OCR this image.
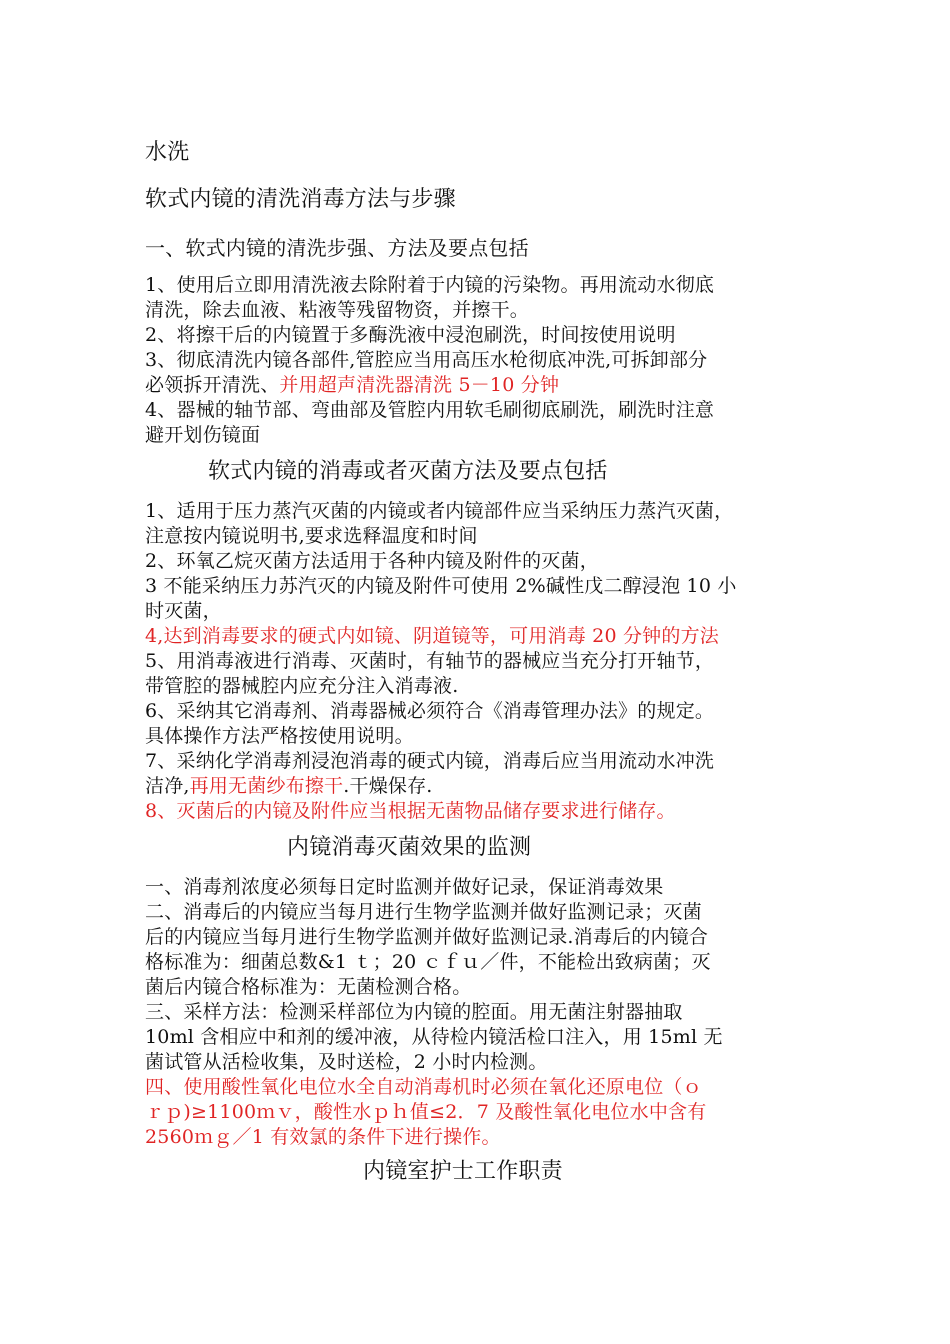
水洗
软式内镜的清洗消毒方法与步骤
一、软式内镜的清洗步强、方法及要点包括
1、使用后立即用清洗液去除附着于内镜的污染物。再用流动水彻底
清洗，除去血液、粘液等残留物资，并擦干。
2、将擦干后的内镜置于多酶洗液中浸泡刷洗，时间按使用说明
3、彻底清洗内镜各部件,管腔应当用高压水枪彻底冲洗,可拆卸部分
必领拆开清洗、并用超声清洗器清洗 5－10 分钟
4、器械的轴节部、弯曲部及管腔内用软毛刷彻底刷洗，刷洗时注意
避开划伤镜面
软式内镜的消毒或者灭菌方法及要点包括
1、适用于压力蒸汽灭菌的内镜或者内镜部件应当采纳压力蒸汽灭菌，
注意按内镜说明书,要求选释温度和时间
2、环氧乙烷灭菌方法适用于各种内镜及附件的灭菌，
3 不能采纳压力苏汽灭的内镜及附件可使用 2%碱性戊二醇浸泡 10 小
时灭菌，
4,达到消毒要求的硬式内如镜、阴道镜等，可用消毒 20 分钟的方法
5、用消毒液进行消毒、灭菌时，有轴节的器械应当充分打开轴节，
带管腔的器械腔内应充分注入消毒液.
6、采纳其它消毒剂、消毒器械必须符合《消毒管理办法》的规定。
具体操作方法严格按使用说明。
7、采纳化学消毒剂浸泡消毒的硬式内镜，消毒后应当用流动水冲洗
洁净,再用无菌纱布擦干.干燥保存.
8、灭菌后的内镜及附件应当根据无菌物品储存要求进行储存。
内镜消毒灭菌效果的监测
一、消毒剂浓度必须每日定时监测并做好记录，保证消毒效果
二、消毒后的内镜应当每月进行生物学监测并做好监测记录；灭菌
后的内镜应当每月进行生物学监测并做好监测记录.消毒后的内镜合
格标准为：细菌总数&1 ｔ；20 ｃｆｕ／件，不能检出致病菌；灭
菌后内镜合格标准为：无菌检测合格。
三、采样方法：检测采样部位为内镜的腔面。用无菌注射器抽取
10ml 含相应中和剂的缓冲液，从待检内镜活检口注入，用 15ml 无
菌试管从活检收集，及时送检，2 小时内检测。
四、使用酸性氧化电位水全自动消毒机时必须在氧化还原电位（ｏ
ｒｐ)≥1100ｍｖ，酸性水ｐｈ值≤2．7 及酸性氧化电位水中含有
2560ｍｇ／1 有效氯的条件下进行操作。
内镜室护士工作职责
